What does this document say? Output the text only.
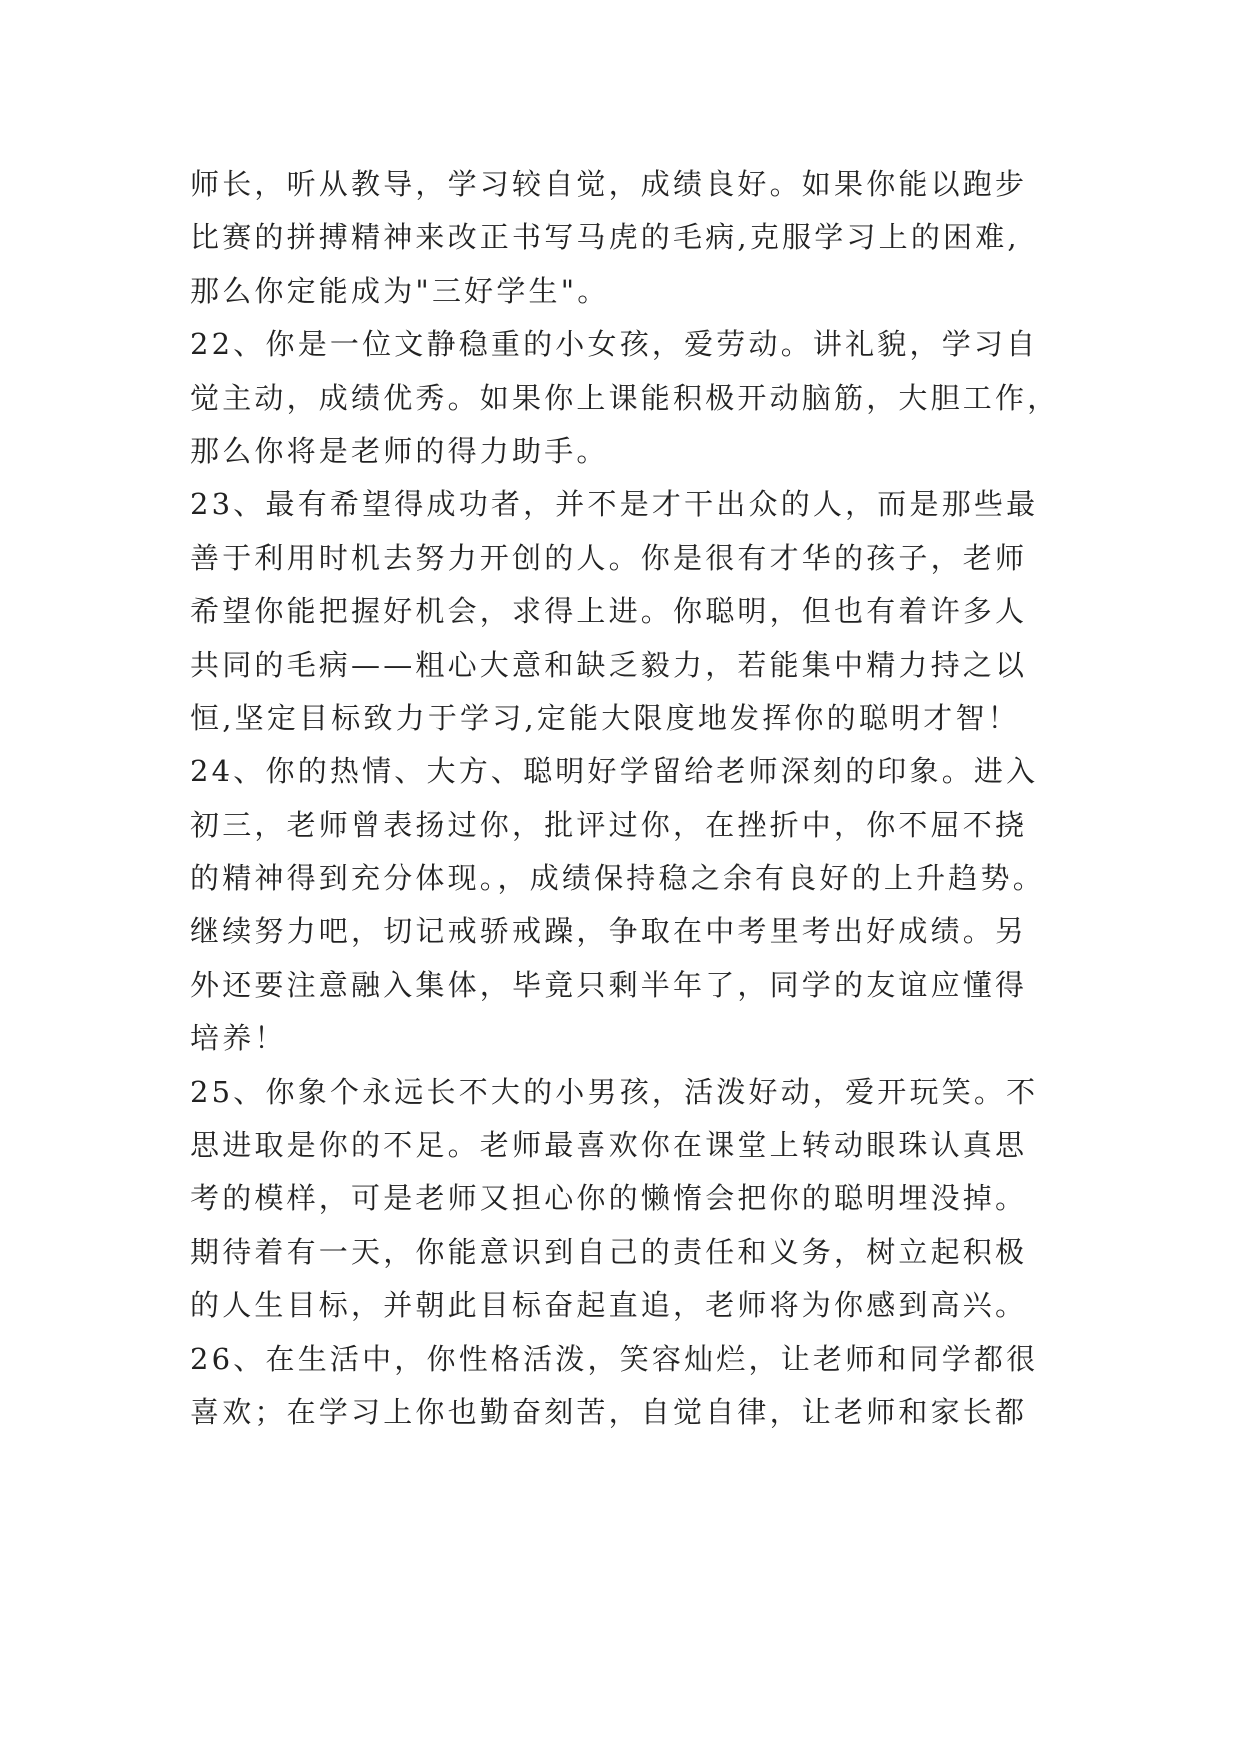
师长，听从教导，学习较自觉，成绩良好。如果你能以跑步
比赛的拼搏精神来改正书写马虎的毛病,克服学习上的困难,
那么你定能成为"三好学生"。
22、你是一位文静稳重的小女孩，爱劳动。讲礼貌，学习自
觉主动，成绩优秀。如果你上课能积极开动脑筋，大胆工作，
那么你将是老师的得力助手。
23、最有希望得成功者，并不是才干出众的人，而是那些最
善于利用时机去努力开创的人。你是很有才华的孩子，老师
希望你能把握好机会，求得上进。你聪明，但也有着许多人
共同的毛病——粗心大意和缺乏毅力，若能集中精力持之以
恒,坚定目标致力于学习,定能大限度地发挥你的聪明才智！
24、你的热情、大方、聪明好学留给老师深刻的印象。进入
初三，老师曾表扬过你，批评过你，在挫折中，你不屈不挠
的精神得到充分体现。，成绩保持稳之余有良好的上升趋势。
继续努力吧，切记戒骄戒躁，争取在中考里考出好成绩。另
外还要注意融入集体，毕竟只剩半年了，同学的友谊应懂得
培养！
25、你象个永远长不大的小男孩，活泼好动，爱开玩笑。不
思进取是你的不足。老师最喜欢你在课堂上转动眼珠认真思
考的模样，可是老师又担心你的懒惰会把你的聪明埋没掉。
期待着有一天，你能意识到自己的责任和义务，树立起积极
的人生目标，并朝此目标奋起直追，老师将为你感到高兴。
26、在生活中，你性格活泼，笑容灿烂，让老师和同学都很
喜欢；在学习上你也勤奋刻苦，自觉自律，让老师和家长都
